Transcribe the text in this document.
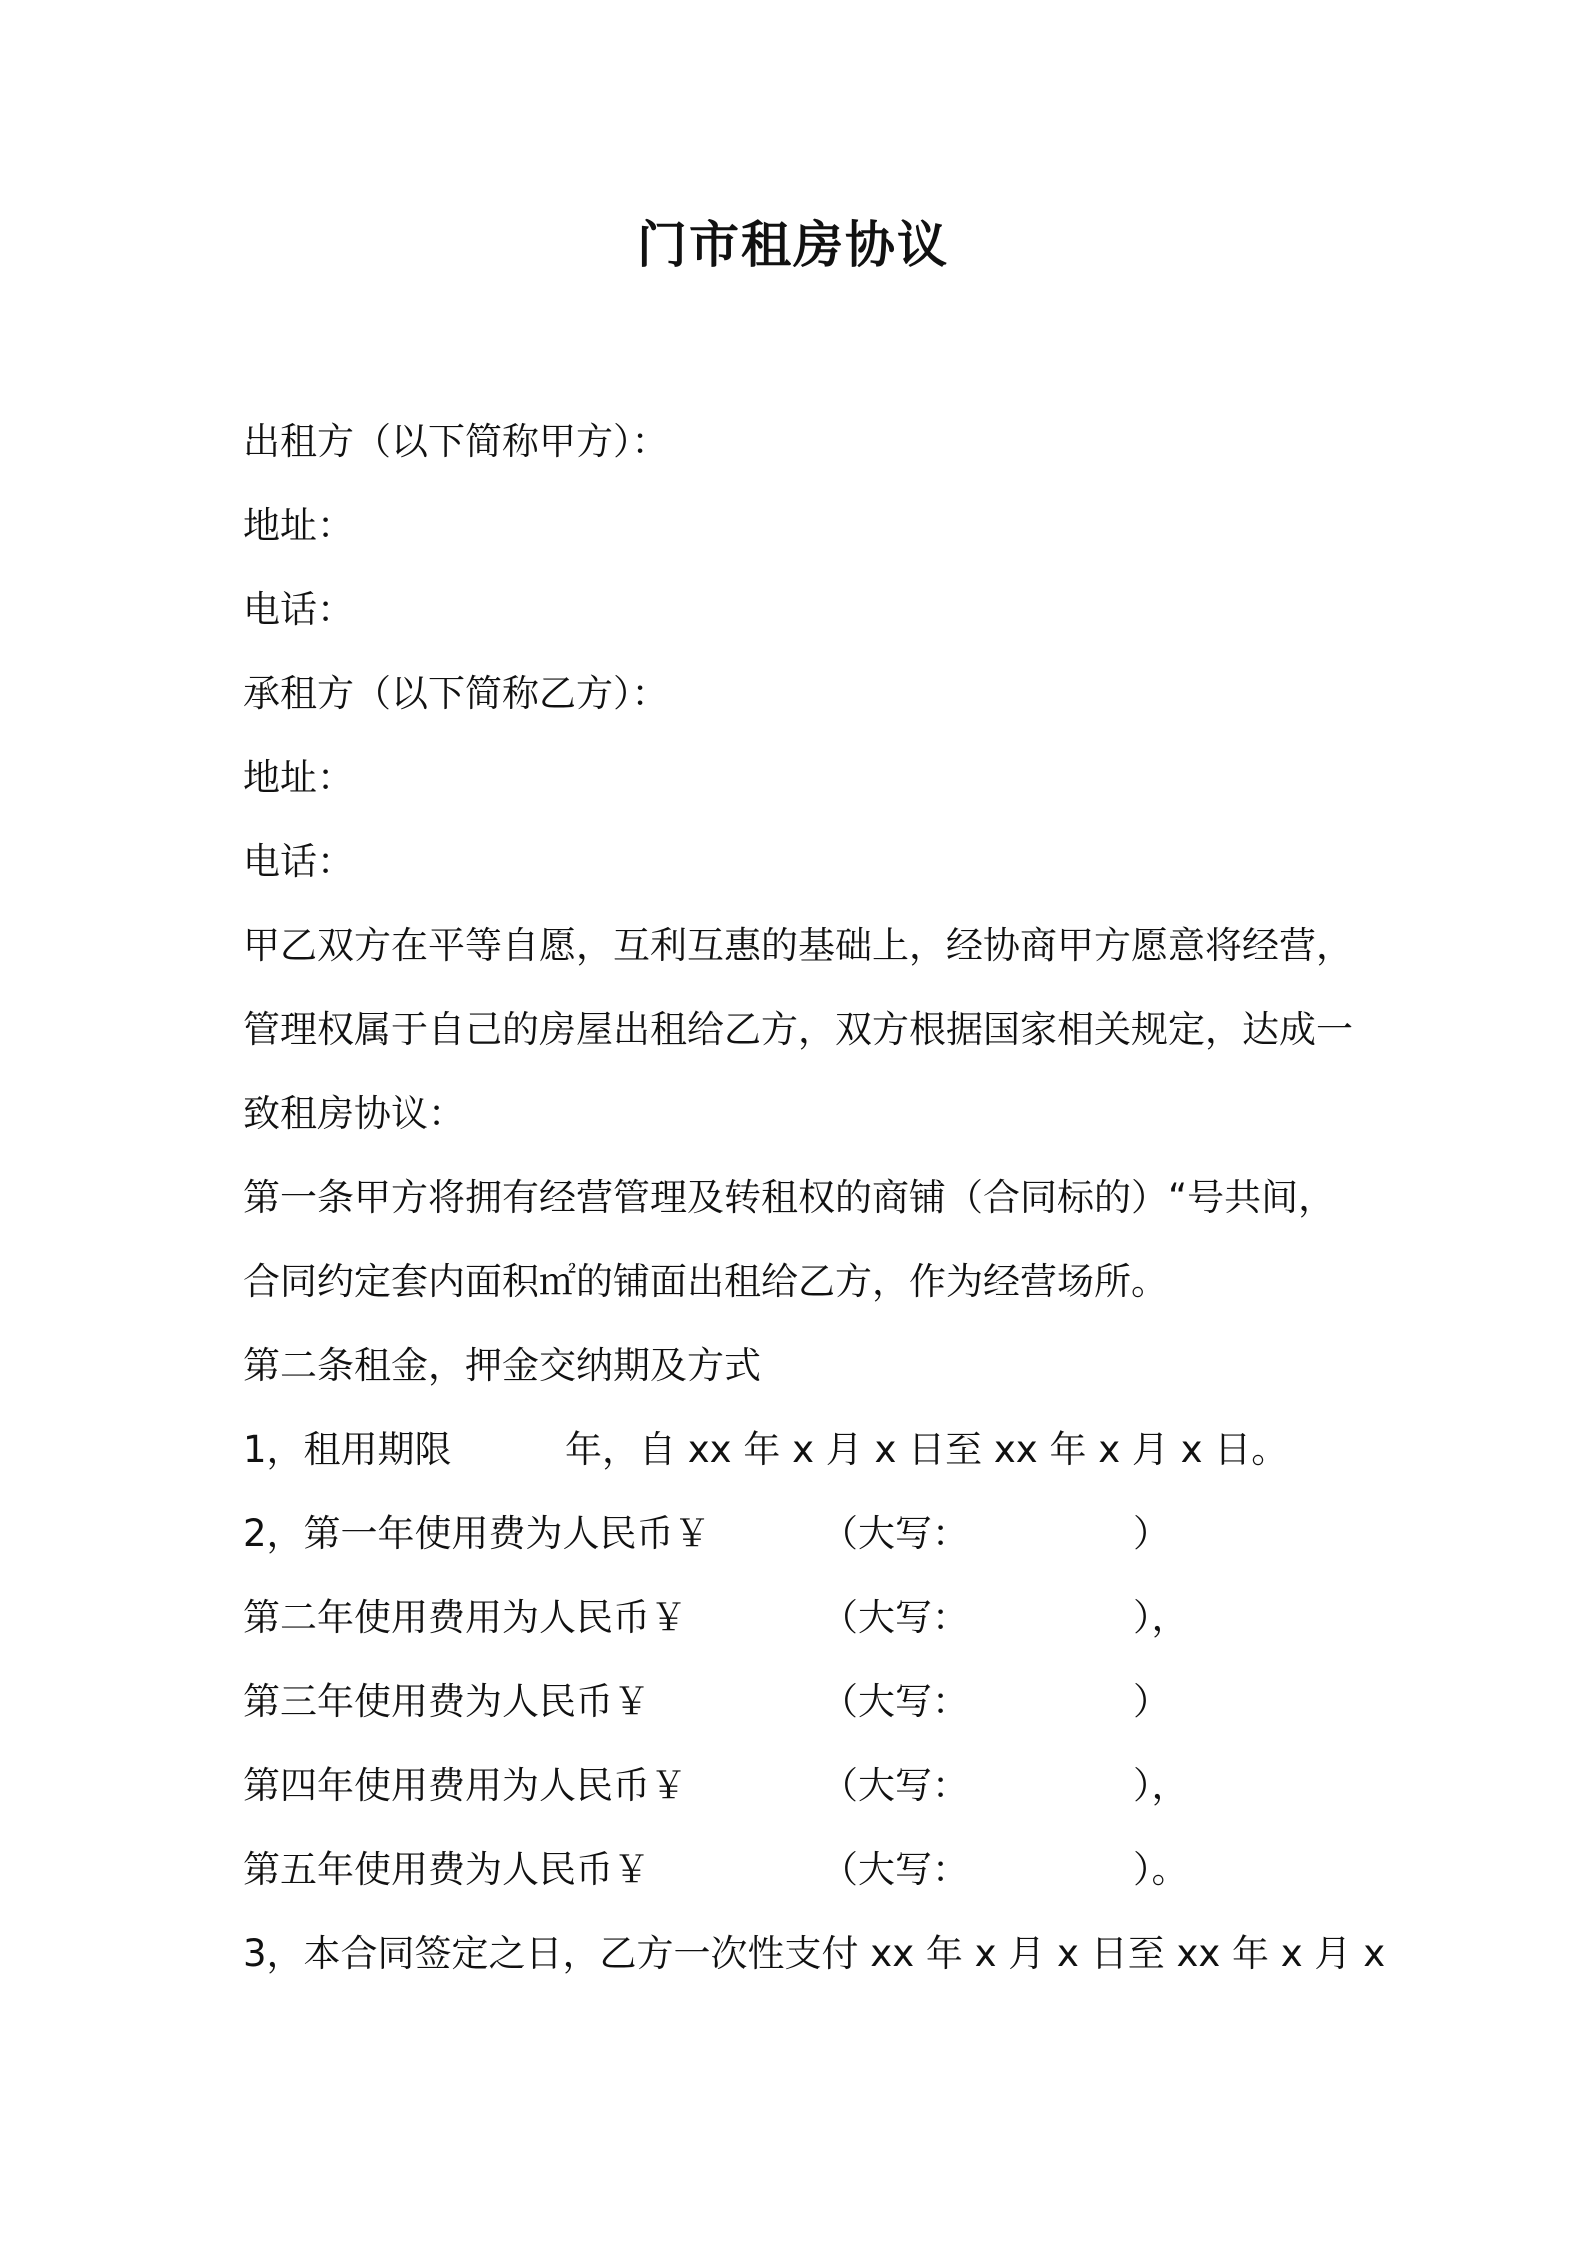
门市租房协议
出租方（以下简称甲方）：
地址：
电话：
承租方（以下简称乙方）：
地址：
电话：
甲乙双方在平等自愿，互利互惠的基础上，经协商甲方愿意将经营，
管理权属于自己的房屋出租给乙方，双方根据国家相关规定，达成一
致租房协议：
第一条甲方将拥有经营管理及转租权的商铺（合同标的）“号共间，
合同约定套内面积㎡的铺面出租给乙方，作为经营场所。
第二条租金，押金交纳期及方式
1，租用期限	年，自 xx 年 x 月 x 日至 xx 年 x 月 x 日。
2，第一年使用费为人民币￥	（大写：	）
第二年使用费用为人民币￥	（大写：	），
第三年使用费为人民币￥	（大写：	）
第四年使用费用为人民币￥	（大写：	），
第五年使用费为人民币￥	（大写：	）。
3，本合同签定之日，乙方一次性支付 xx 年 x 月 x 日至 xx 年 x 月 x
